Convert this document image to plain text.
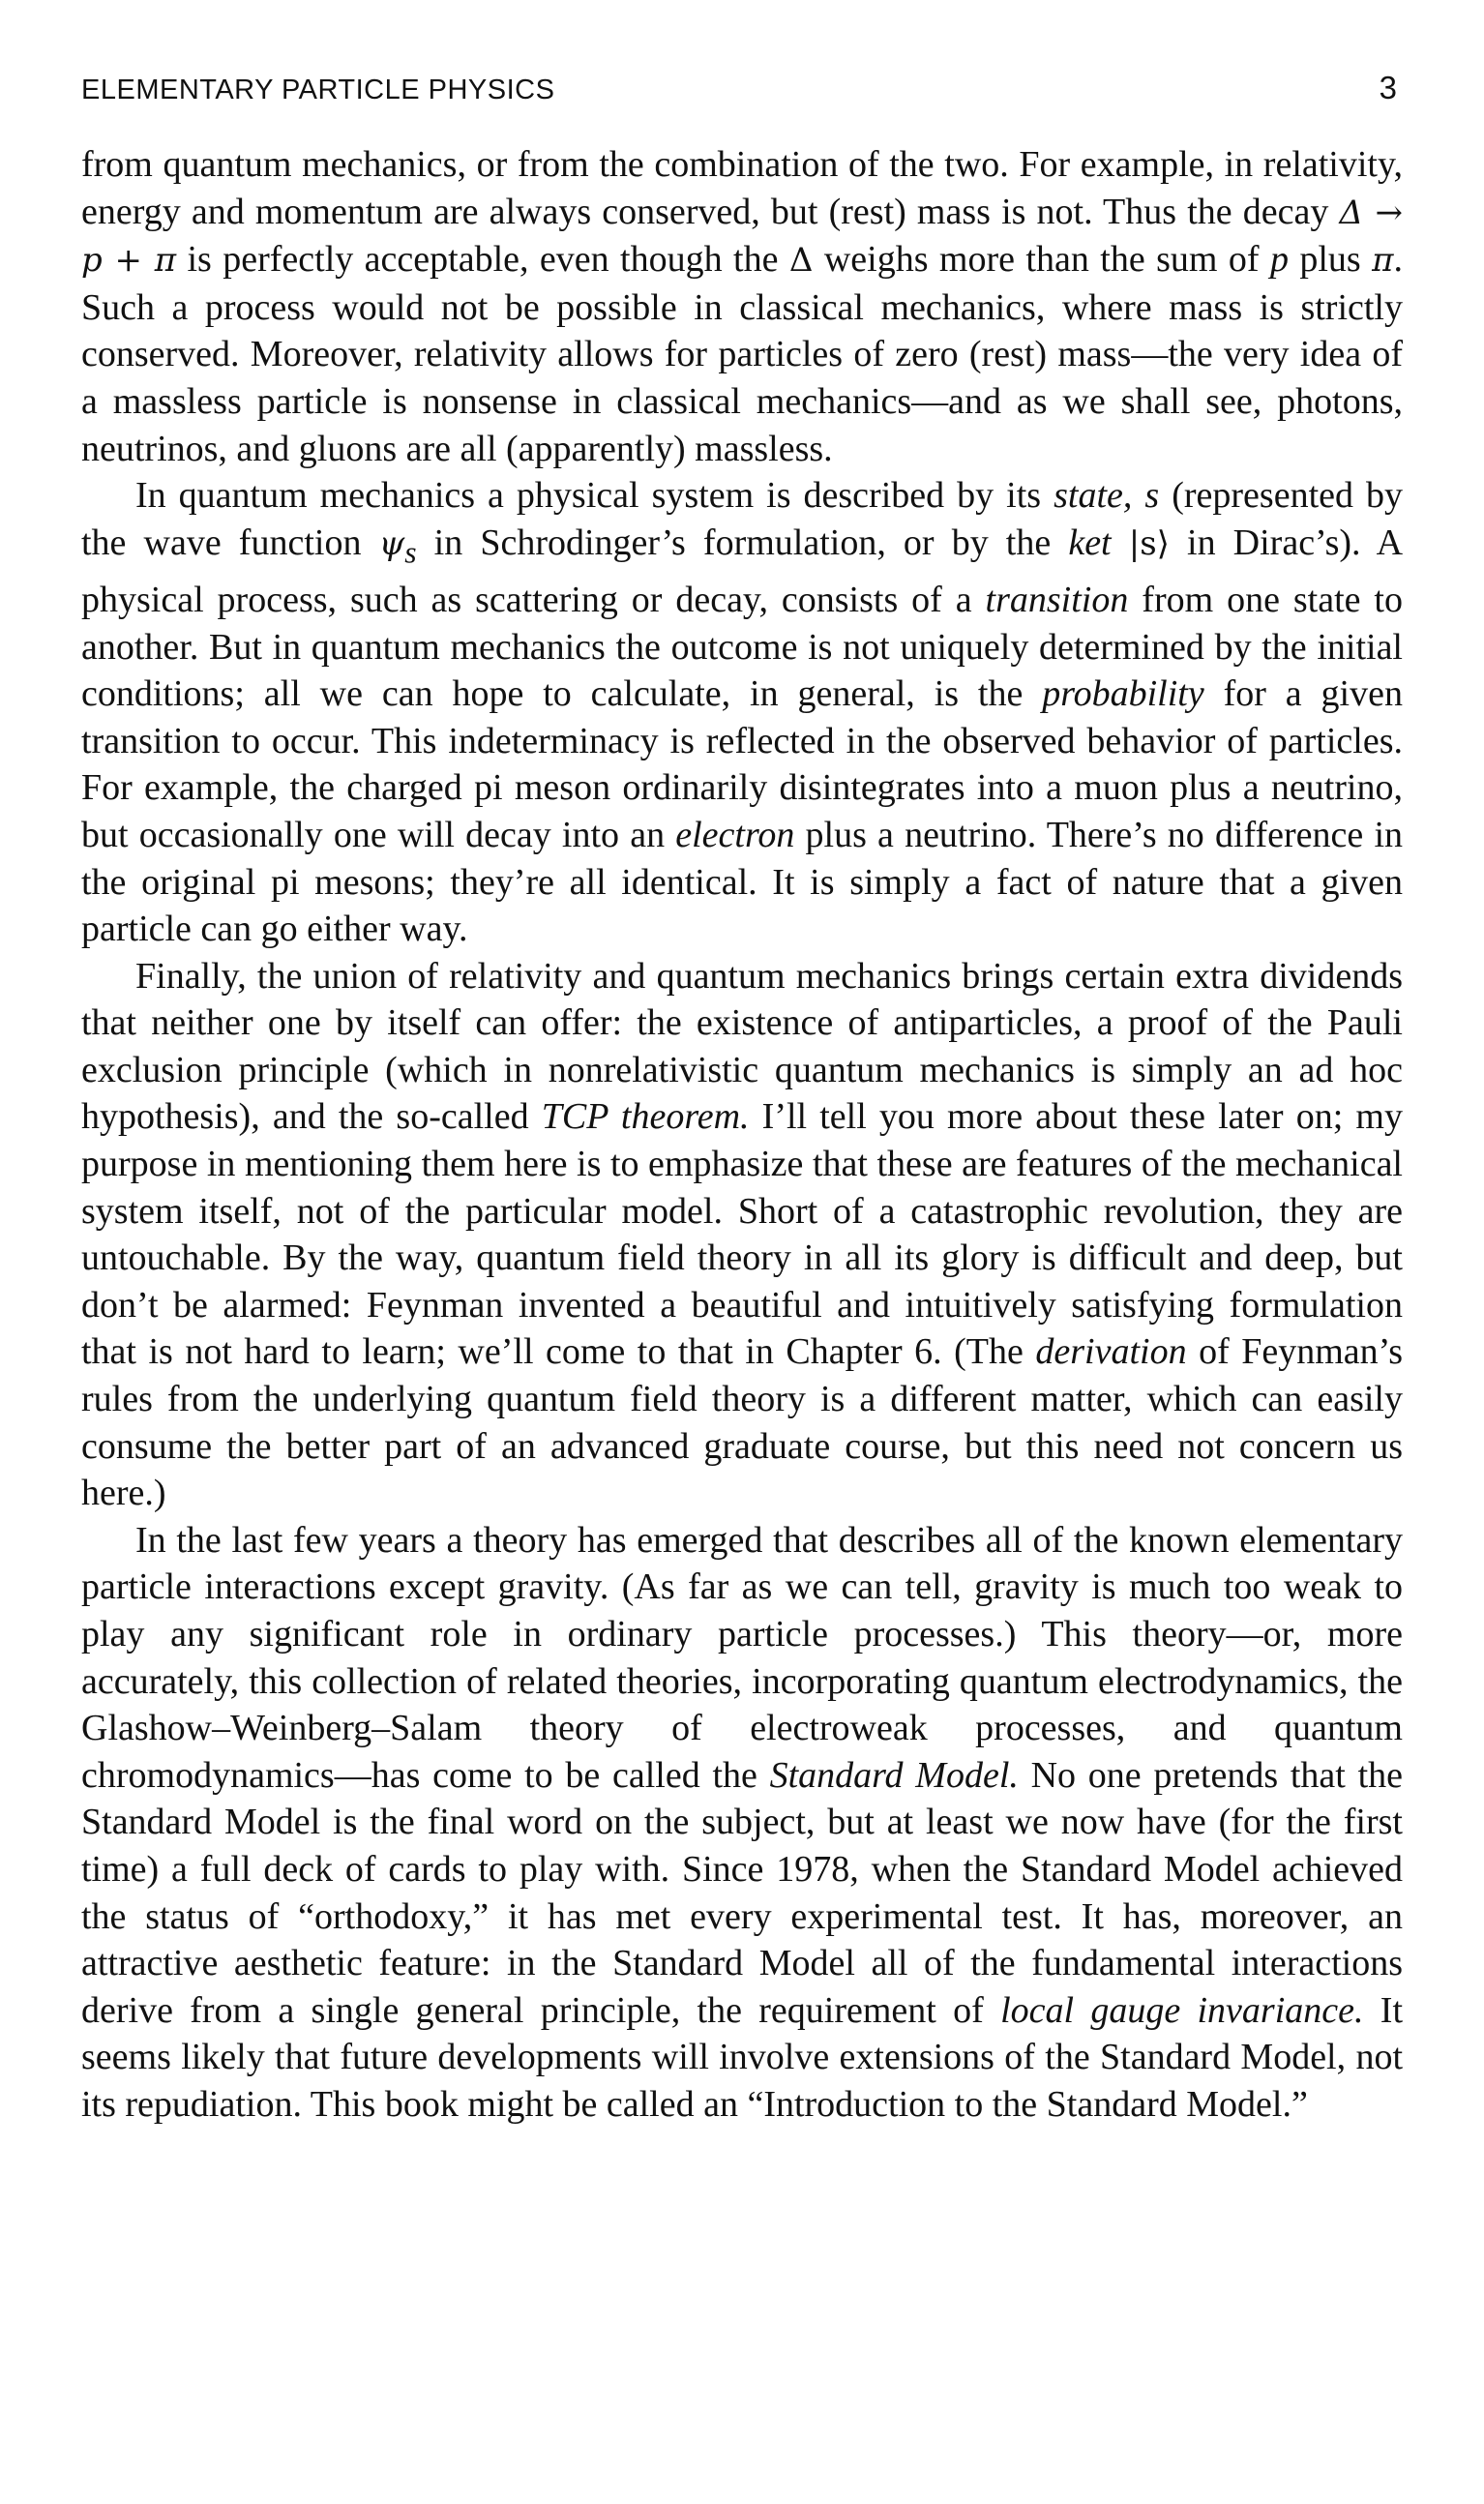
ELEMENTARY PARTICLE PHYSICS	3

from quantum mechanics, or from the combination of the two. For example, in relativity, energy and momentum are always conserved, but (rest) mass is not. Thus the decay Δ → p + π is perfectly acceptable, even though the Δ weighs more than the sum of p plus π. Such a process would not be possible in classical mechanics, where mass is strictly conserved. Moreover, relativity allows for particles of zero (rest) mass—the very idea of a massless particle is nonsense in classical mechanics—and as we shall see, photons, neutrinos, and gluons are all (apparently) massless.

In quantum mechanics a physical system is described by its state, s (represented by the wave function $\psi_s$ in Schrodinger’s formulation, or by the ket |s⟩ in Dirac’s). A physical process, such as scattering or decay, consists of a transition from one state to another. But in quantum mechanics the outcome is not uniquely determined by the initial conditions; all we can hope to calculate, in general, is the probability for a given transition to occur. This indeterminacy is reflected in the observed behavior of particles. For example, the charged pi meson ordinarily disintegrates into a muon plus a neutrino, but occasionally one will decay into an electron plus a neutrino. There’s no difference in the original pi mesons; they’re all identical. It is simply a fact of nature that a given particle can go either way.

Finally, the union of relativity and quantum mechanics brings certain extra dividends that neither one by itself can offer: the existence of antiparticles, a proof of the Pauli exclusion principle (which in nonrelativistic quantum mechanics is simply an ad hoc hypothesis), and the so-called TCP theorem. I’ll tell you more about these later on; my purpose in mentioning them here is to emphasize that these are features of the mechanical system itself, not of the particular model. Short of a catastrophic revolution, they are untouchable. By the way, quantum field theory in all its glory is difficult and deep, but don’t be alarmed: Feynman invented a beautiful and intuitively satisfying formulation that is not hard to learn; we’ll come to that in Chapter 6. (The derivation of Feynman’s rules from the underlying quantum field theory is a different matter, which can easily consume the better part of an advanced graduate course, but this need not concern us here.)

In the last few years a theory has emerged that describes all of the known elementary particle interactions except gravity. (As far as we can tell, gravity is much too weak to play any significant role in ordinary particle processes.) This theory—or, more accurately, this collection of related theories, incorporating quantum electrodynamics, the Glashow–Weinberg–Salam theory of electroweak processes, and quantum chromodynamics—has come to be called the Standard Model. No one pretends that the Standard Model is the final word on the subject, but at least we now have (for the first time) a full deck of cards to play with. Since 1978, when the Standard Model achieved the status of “orthodoxy,” it has met every experimental test. It has, moreover, an attractive aesthetic feature: in the Standard Model all of the fundamental interactions derive from a single general principle, the requirement of local gauge invariance. It seems likely that future developments will involve extensions of the Standard Model, not its repudiation. This book might be called an “Introduction to the Standard Model.”
